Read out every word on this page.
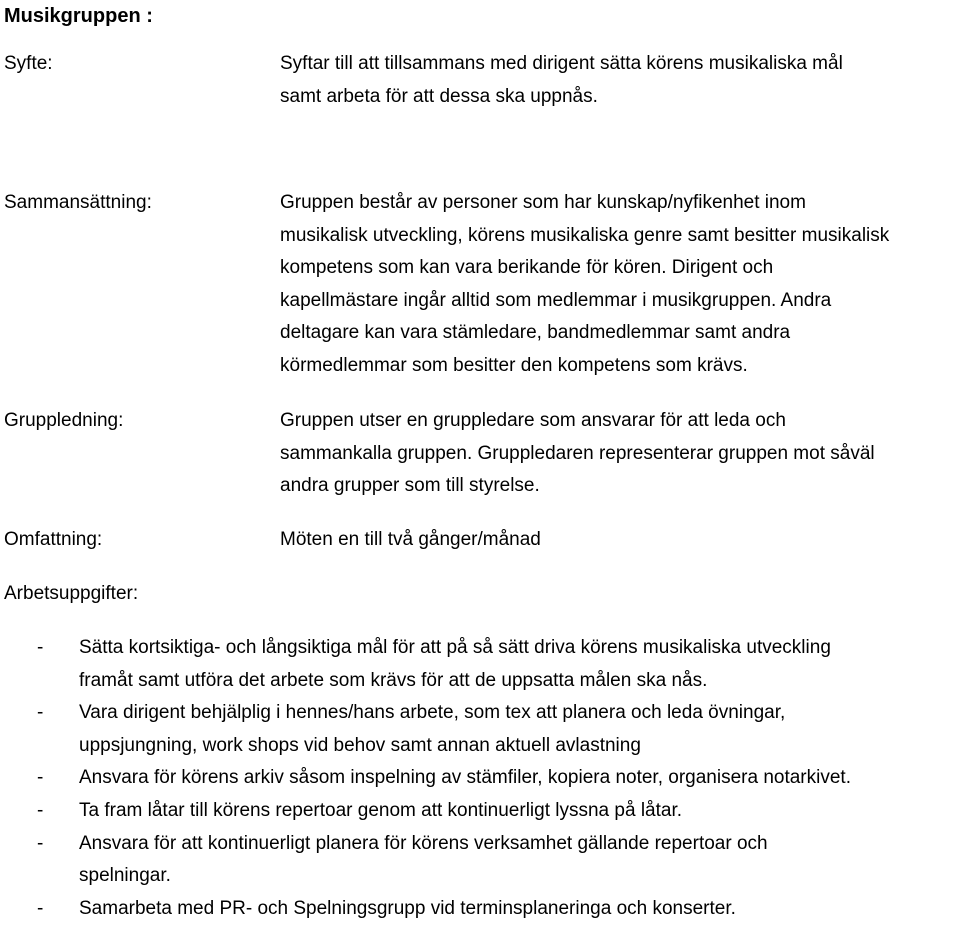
Musikgruppen :
Syfte:	Syftar till att tillsammans med dirigent sätta körens musikaliska mål
samt arbeta för att dessa ska uppnås.
Sammansättning:	Gruppen består av personer som har kunskap/nyfikenhet inom
musikalisk utveckling, körens musikaliska genre samt besitter musikalisk
kompetens som kan vara berikande för kören. Dirigent och
kapellmästare ingår alltid som medlemmar i musikgruppen. Andra
deltagare kan vara stämledare, bandmedlemmar samt andra
körmedlemmar som besitter den kompetens som krävs.
Gruppledning:	Gruppen utser en gruppledare som ansvarar för att leda och
sammankalla gruppen. Gruppledaren representerar gruppen mot såväl
andra grupper som till styrelse.
Omfattning:	Möten en till två gånger/månad
Arbetsuppgifter:
- Sätta kortsiktiga- och långsiktiga mål för att på så sätt driva körens musikaliska utveckling
framåt samt utföra det arbete som krävs för att de uppsatta målen ska nås.
- Vara dirigent behjälplig i hennes/hans arbete, som tex att planera och leda övningar,
uppsjungning, work shops vid behov samt annan aktuell avlastning
- Ansvara för körens arkiv såsom inspelning av stämfiler, kopiera noter, organisera notarkivet.
- Ta fram låtar till körens repertoar genom att kontinuerligt lyssna på låtar.
- Ansvara för att kontinuerligt planera för körens verksamhet gällande repertoar och
spelningar.
- Samarbeta med PR- och Spelningsgrupp vid terminsplaneringa och konserter.
